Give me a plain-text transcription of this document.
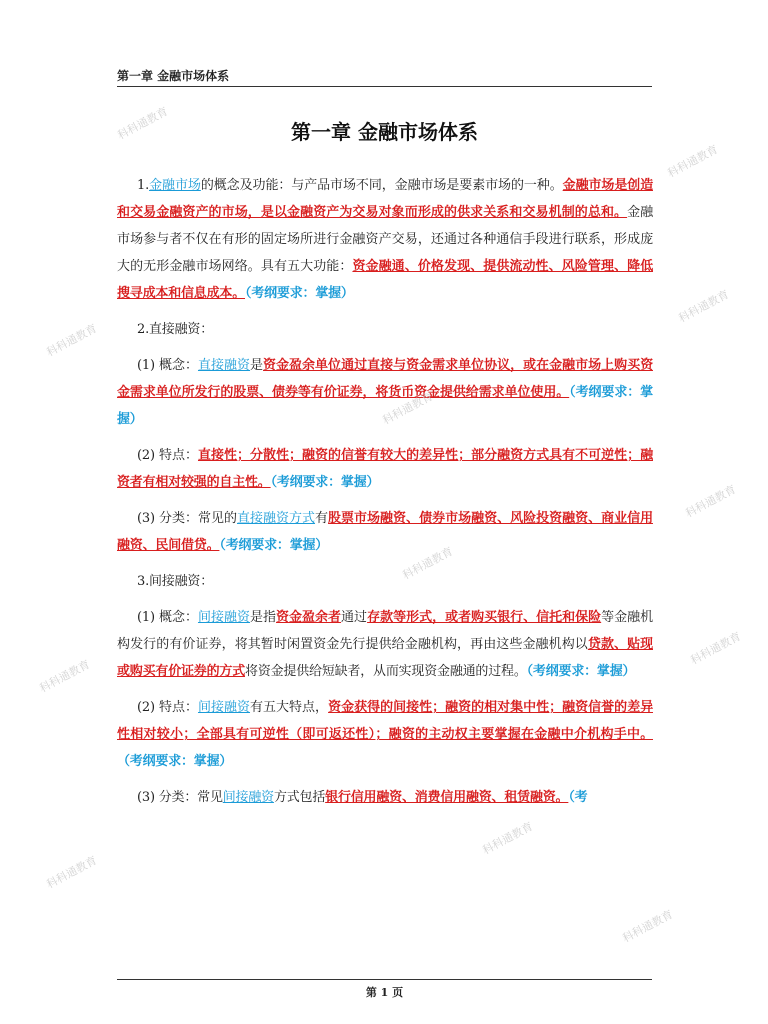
第一章 金融市场体系
第一章 金融市场体系

1.金融市场的概念及功能：与产品市场不同，金融市场是要素市场的一种。金融市场是创造和交易金融资产的市场，是以金融资产为交易对象而形成的供求关系和交易机制的总和。金融市场参与者不仅在有形的固定场所进行金融资产交易，还通过各种通信手段进行联系，形成庞大的无形金融市场网络。具有五大功能：资金融通、价格发现、提供流动性、风险管理、降低搜寻成本和信息成本。（考纲要求：掌握）

2.直接融资：

(1) 概念：直接融资是资金盈余单位通过直接与资金需求单位协议，或在金融市场上购买资金需求单位所发行的股票、债券等有价证券，将货币资金提供给需求单位使用。（考纲要求：掌握）

(2) 特点：直接性；分散性；融资的信誉有较大的差异性；部分融资方式具有不可逆性；融资者有相对较强的自主性。（考纲要求：掌握）

(3) 分类：常见的直接融资方式有股票市场融资、债券市场融资、风险投资融资、商业信用融资、民间借贷。（考纲要求：掌握）

3.间接融资：

(1) 概念：间接融资是指资金盈余者通过存款等形式，或者购买银行、信托和保险等金融机构发行的有价证券，将其暂时闲置资金先行提供给金融机构，再由这些金融机构以贷款、贴现或购买有价证券的方式将资金提供给短缺者，从而实现资金融通的过程。（考纲要求：掌握）

(2) 特点：间接融资有五大特点，资金获得的间接性；融资的相对集中性；融资信誉的差异性相对较小；全部具有可逆性（即可返还性）；融资的主动权主要掌握在金融中介机构手中。（考纲要求：掌握）

(3) 分类：常见间接融资方式包括银行信用融资、消费信用融资、租赁融资。（考

科科通教育
科科通教育
科科通教育
科科通教育
科科通教育
科科通教育
科科通教育
科科通教育
科科通教育
科科通教育
科科通教育
科科通教育
第 1 页
